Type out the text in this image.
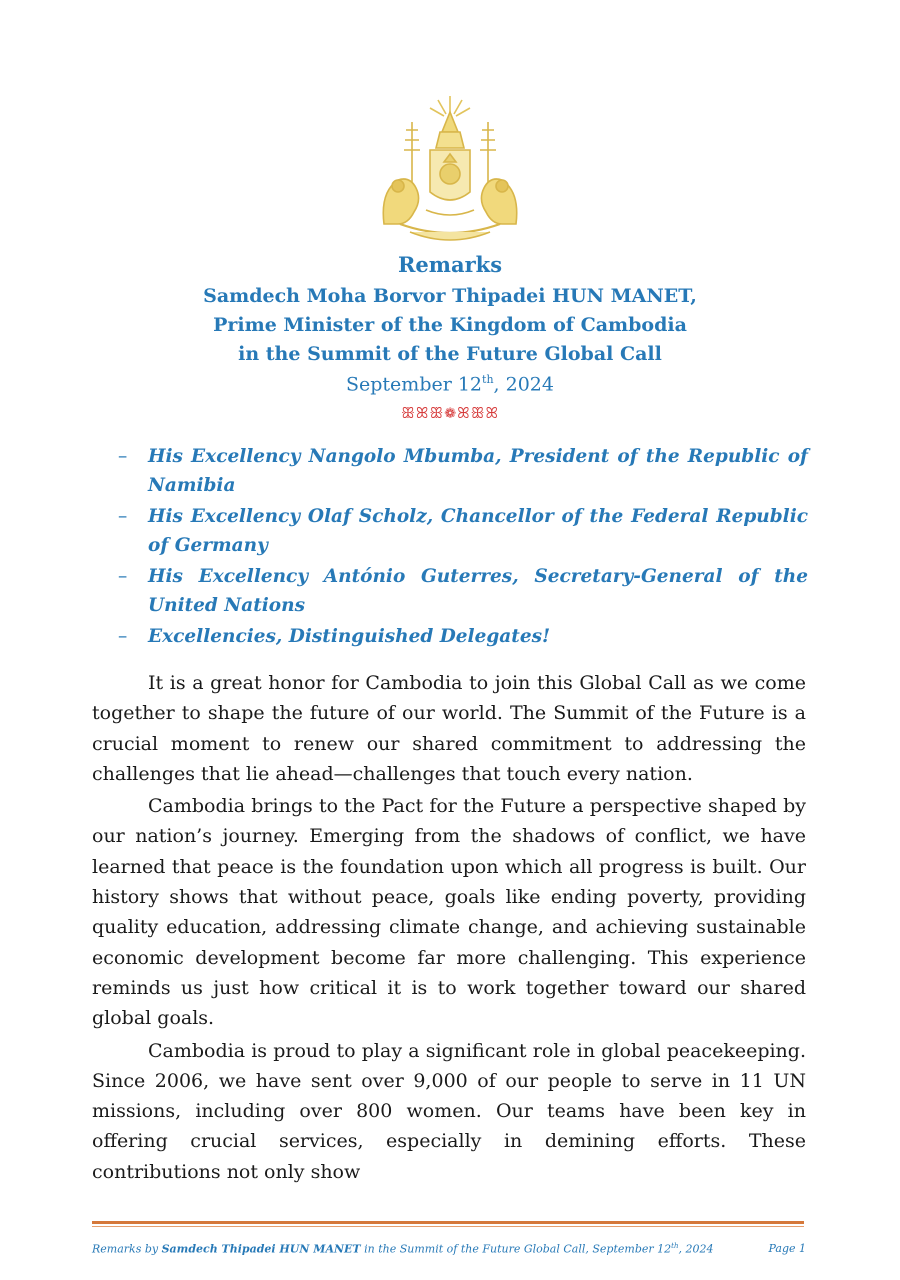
Remarks
Samdech Moha Borvor Thipadei HUN MANET,
Prime Minister of the Kingdom of Cambodia
in the Summit of the Future Global Call
September 12th, 2024
ꕥꕤꕥ❁ꕤꕥꕤ
– His Excellency Nangolo Mbumba, President of the Republic of Namibia
– His Excellency Olaf Scholz, Chancellor of the Federal Republic of Germany
– His Excellency António Guterres, Secretary-General of the United Nations
– Excellencies, Distinguished Delegates!

It is a great honor for Cambodia to join this Global Call as we come together to shape the future of our world. The Summit of the Future is a crucial moment to renew our shared commitment to addressing the challenges that lie ahead—challenges that touch every nation.

Cambodia brings to the Pact for the Future a perspective shaped by our nation’s journey. Emerging from the shadows of conflict, we have learned that peace is the foundation upon which all progress is built. Our history shows that without peace, goals like ending poverty, providing quality education, addressing climate change, and achieving sustainable economic development become far more challenging. This experience reminds us just how critical it is to work together toward our shared global goals.

Cambodia is proud to play a significant role in global peacekeeping. Since 2006, we have sent over 9,000 of our people to serve in 11 UN missions, including over 800 women. Our teams have been key in offering crucial services, especially in demining efforts. These contributions not only show

Remarks by Samdech Thipadei HUN MANET in the Summit of the Future Global Call, September 12th, 2024	Page 1
